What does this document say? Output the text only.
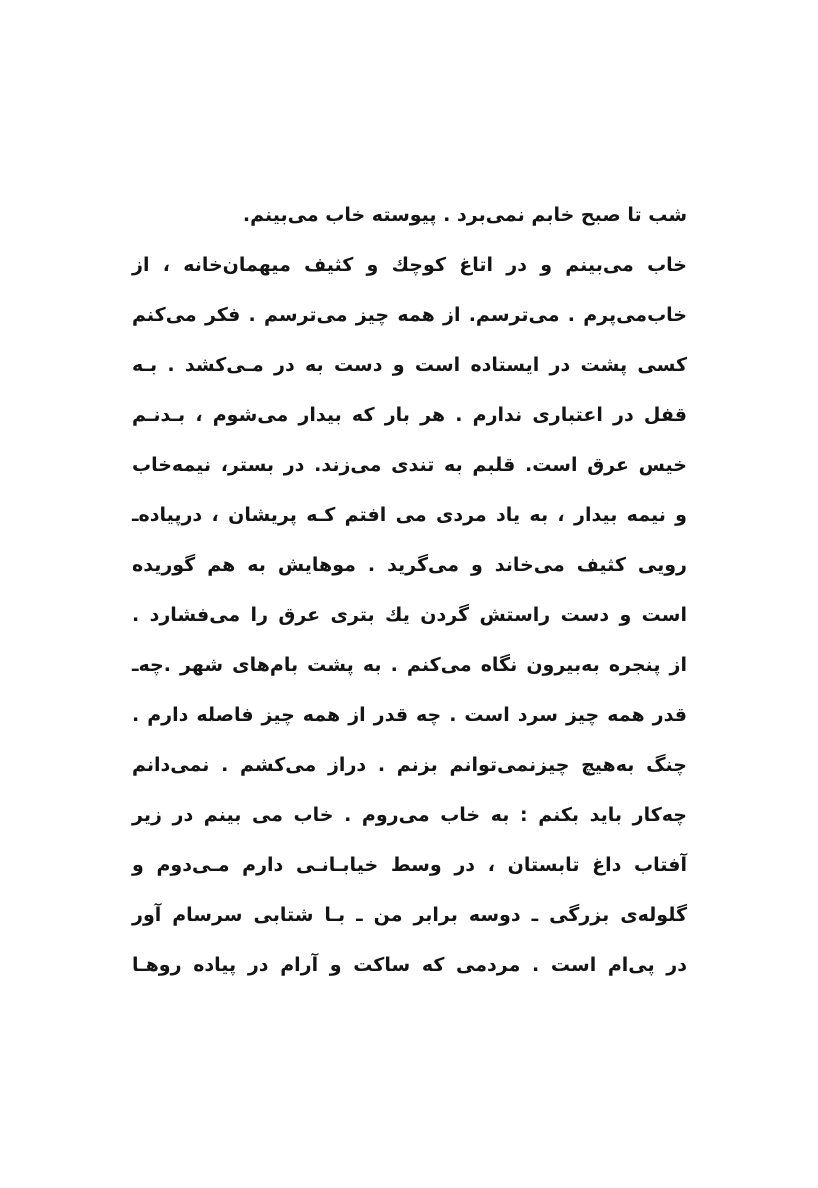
شب تا صبح خابم نمی‌برد . پیوسته خاب می‌بینم.
خاب می‌بینم و در اتاغ کوچك و کثیف میهمان‌خانه ، از
خاب‌می‌پرم . می‌ترسم. از همه چیز می‌ترسم . فکر می‌کنم
کسی پشت در ایستاده است و دست به در مـی‌کشد . بـه
قفل در اعتباری ندارم . هر بار که بیدار می‌شوم ، بـدنـم
خیس عرق است. قلبم به تندی می‌زند. در بستر، نیمه‌خاب
و نیمه بیدار ، به یاد مردی می افتم کـه پریشان ، درپیاده‌ـ
رویی کثیف می‌خاند و می‌گرید . موهایش به هم گوریده
است و دست راستش گردن یك بتری عرق را می‌فشارد .
از پنجره به‌بیرون نگاه می‌کنم . به پشت بام‌های شهر .چه‌ـ
قدر همه چیز سرد است . چه قدر از همه چیز فاصله دارم .
چنگ به‌هیچ چیزنمی‌توانم بزنم . دراز می‌کشم . نمی‌دانم
چه‌کار باید بکنم : به خاب می‌روم . خاب می بینم در زیر
آفتاب داغ تابستان ، در وسط خیابـانـی دارم مـی‌دوم و
گلوله‌ی بزرگی ـ دوسه برابر من ـ بـا شتابی سرسام آور
در پی‌ام است . مردمی که ساکت و آرام در پیاده روهـا
